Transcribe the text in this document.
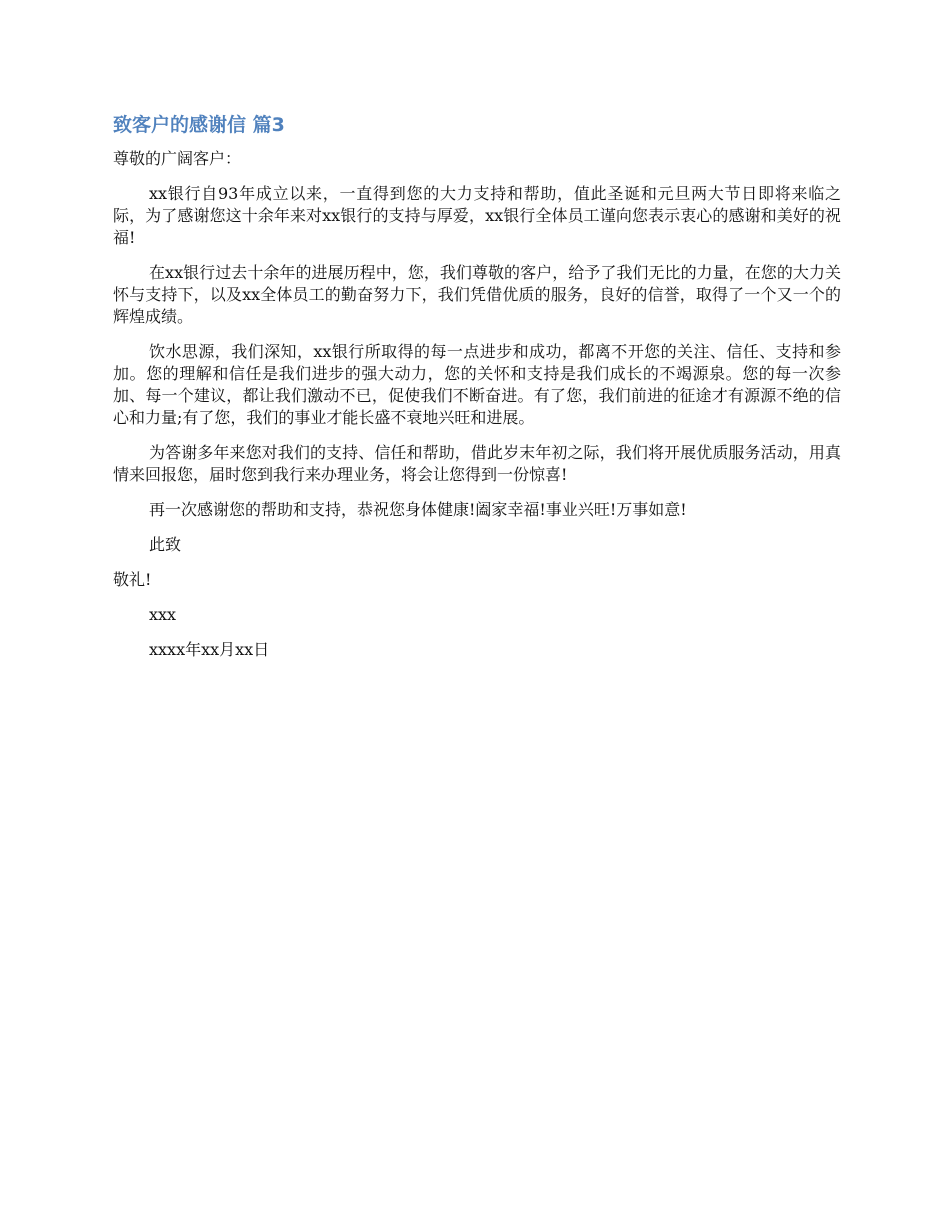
致客户的感谢信 篇3
尊敬的广阔客户：
xx银行自93年成立以来，一直得到您的大力支持和帮助，值此圣诞和元旦两大节日即将来临之际，为了感谢您这十余年来对xx银行的支持与厚爱，xx银行全体员工谨向您表示衷心的感谢和美好的祝福!
在xx银行过去十余年的进展历程中，您，我们尊敬的客户，给予了我们无比的力量，在您的大力关怀与支持下，以及xx全体员工的勤奋努力下，我们凭借优质的服务，良好的信誉，取得了一个又一个的辉煌成绩。
饮水思源，我们深知，xx银行所取得的每一点进步和成功，都离不开您的关注、信任、支持和参加。您的理解和信任是我们进步的强大动力，您的关怀和支持是我们成长的不竭源泉。您的每一次参加、每一个建议，都让我们激动不已，促使我们不断奋进。有了您，我们前进的征途才有源源不绝的信心和力量;有了您，我们的事业才能长盛不衰地兴旺和进展。
为答谢多年来您对我们的支持、信任和帮助，借此岁末年初之际，我们将开展优质服务活动，用真情来回报您，届时您到我行来办理业务，将会让您得到一份惊喜!
再一次感谢您的帮助和支持，恭祝您身体健康!阖家幸福!事业兴旺!万事如意!
此致
敬礼!
xxx
xxxx年xx月xx日
